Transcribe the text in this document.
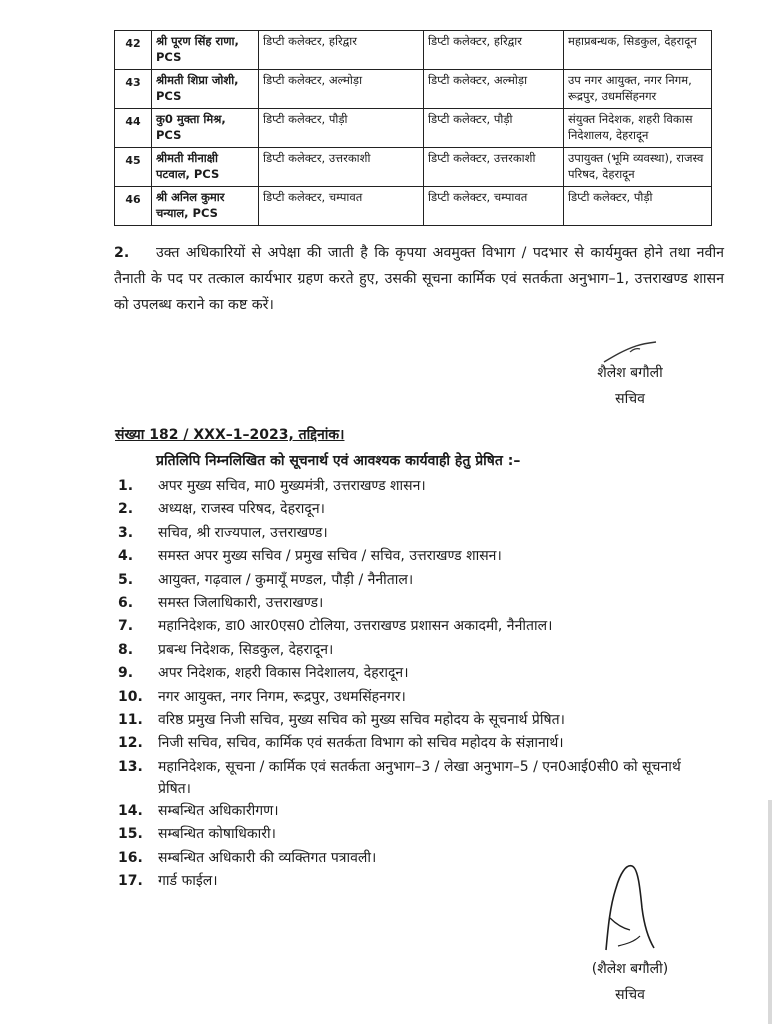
42	श्री पूरण सिंह राणा, PCS	डिप्टी कलेक्टर, हरिद्वार	डिप्टी कलेक्टर, हरिद्वार	महाप्रबन्धक, सिडकुल, देहरादून
43	श्रीमती शिप्रा जोशी, PCS	डिप्टी कलेक्टर, अल्मोड़ा	डिप्टी कलेक्टर, अल्मोड़ा	उप नगर आयुक्त, नगर निगम, रूद्रपुर, उधमसिंहनगर
44	कु0 मुक्ता मिश्र, PCS	डिप्टी कलेक्टर, पौड़ी	डिप्टी कलेक्टर, पौड़ी	संयुक्त निदेशक, शहरी विकास निदेशालय, देहरादून
45	श्रीमती मीनाक्षी पटवाल, PCS	डिप्टी कलेक्टर, उत्तरकाशी	डिप्टी कलेक्टर, उत्तरकाशी	उपायुक्त (भूमि व्यवस्था), राजस्व परिषद, देहरादून
46	श्री अनिल कुमार चन्याल, PCS	डिप्टी कलेक्टर, चम्पावत	डिप्टी कलेक्टर, चम्पावत	डिप्टी कलेक्टर, पौड़ी
2. उक्त अधिकारियों से अपेक्षा की जाती है कि कृपया अवमुक्त विभाग / पदभार से कार्यमुक्त होने तथा नवीन तैनाती के पद पर तत्काल कार्यभार ग्रहण करते हुए, उसकी सूचना कार्मिक एवं सतर्कता अनुभाग–1, उत्तराखण्ड शासन को उपलब्ध कराने का कष्ट करें।
शैलेश बगौली
सचिव
संख्या 182 / XXX–1–2023, तद्दिनांक।
प्रतिलिपि निम्नलिखित को सूचनार्थ एवं आवश्यक कार्यवाही हेतु प्रेषित :–
1.	अपर मुख्य सचिव, मा0 मुख्यमंत्री, उत्तराखण्ड शासन।
2.	अध्यक्ष, राजस्व परिषद, देहरादून।
3.	सचिव, श्री राज्यपाल, उत्तराखण्ड।
4.	समस्त अपर मुख्य सचिव / प्रमुख सचिव / सचिव, उत्तराखण्ड शासन।
5.	आयुक्त, गढ़वाल / कुमायूँ मण्डल, पौड़ी / नैनीताल।
6.	समस्त जिलाधिकारी, उत्तराखण्ड।
7.	महानिदेशक, डा0 आर0एस0 टोलिया, उत्तराखण्ड प्रशासन अकादमी, नैनीताल।
8.	प्रबन्ध निदेशक, सिडकुल, देहरादून।
9.	अपर निदेशक, शहरी विकास निदेशालय, देहरादून।
10.	नगर आयुक्त, नगर निगम, रूद्रपुर, उधमसिंहनगर।
11.	वरिष्ठ प्रमुख निजी सचिव, मुख्य सचिव को मुख्य सचिव महोदय के सूचनार्थ प्रेषित।
12.	निजी सचिव, सचिव, कार्मिक एवं सतर्कता विभाग को सचिव महोदय के संज्ञानार्थ।
13.	महानिदेशक, सूचना / कार्मिक एवं सतर्कता अनुभाग–3 / लेखा अनुभाग–5 / एन0आई0सी0 को सूचनार्थ प्रेषित।
14.	सम्बन्धित अधिकारीगण।
15.	सम्बन्धित कोषाधिकारी।
16.	सम्बन्धित अधिकारी की व्यक्तिगत पत्रावली।
17.	गार्ड फाईल।
(शैलेश बगौली)
सचिव
